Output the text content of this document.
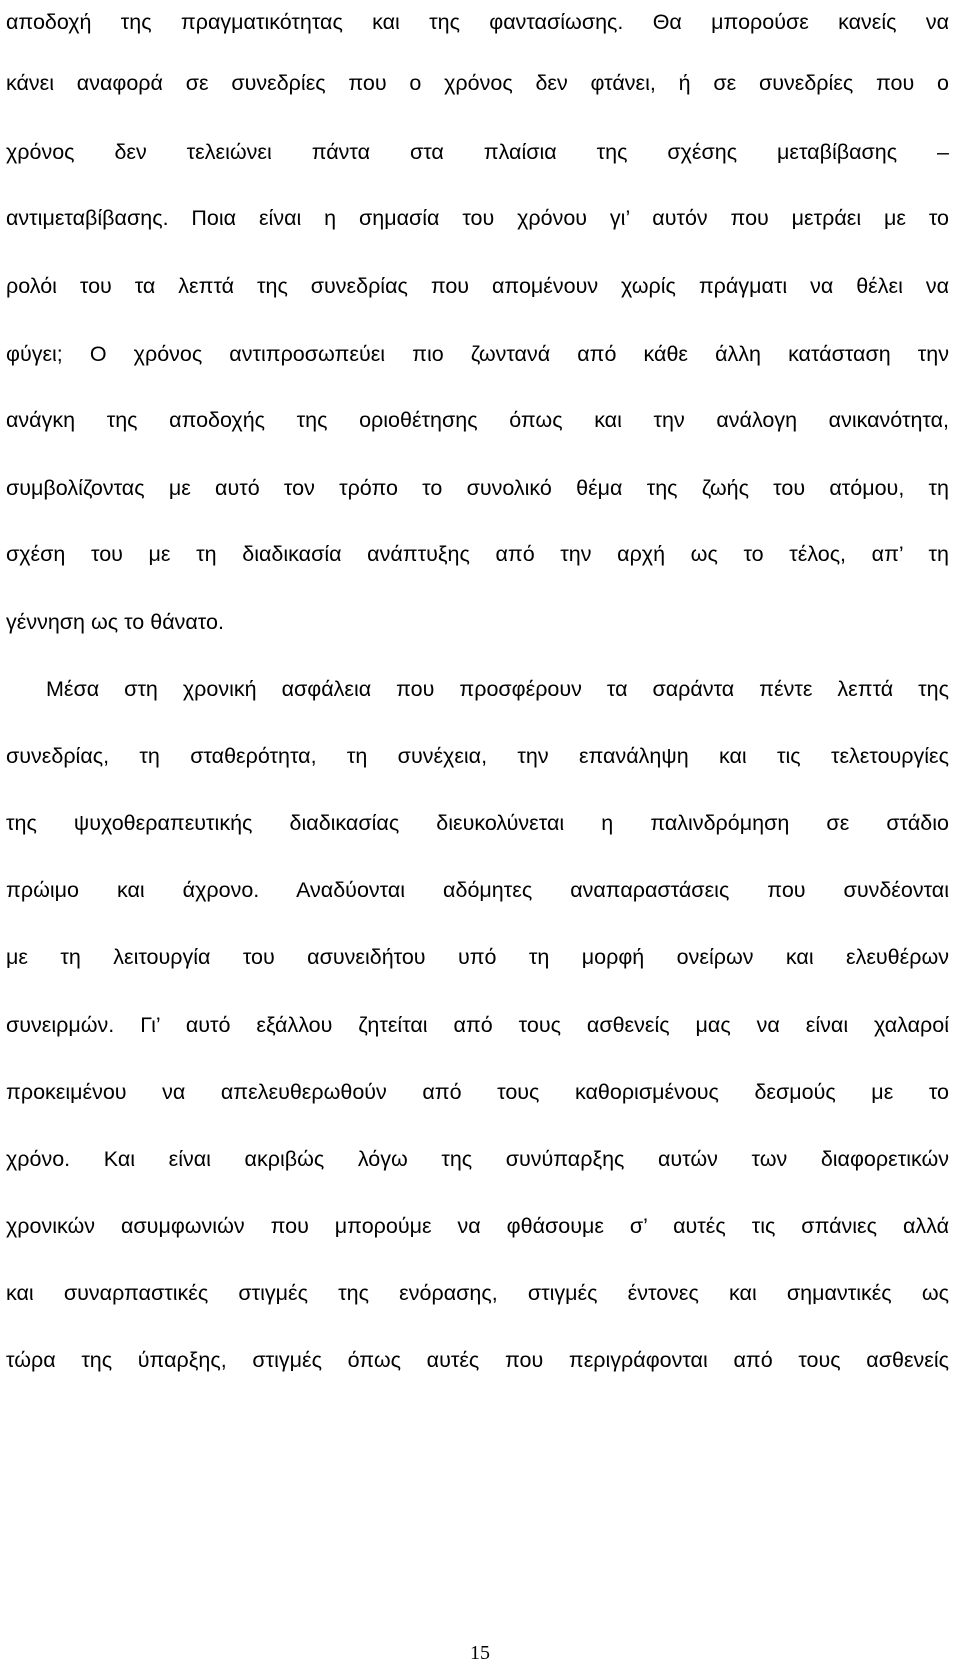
αποδοχή της πραγματικότητας και της φαντασίωσης. Θα μπορούσε κανείς να
κάνει αναφορά σε συνεδρίες που ο χρόνος δεν φτάνει, ή σε συνεδρίες που ο
χρόνος δεν τελειώνει πάντα στα πλαίσια της σχέσης μεταβίβασης –
αντιμεταβίβασης. Ποια είναι η σημασία του χρόνου γι’ αυτόν που μετράει με το
ρολόι του τα λεπτά της συνεδρίας που απομένουν χωρίς πράγματι να θέλει να
φύγει; Ο χρόνος αντιπροσωπεύει πιο ζωντανά από κάθε άλλη κατάσταση την
ανάγκη της αποδοχής της οριοθέτησης όπως και την ανάλογη ανικανότητα,
συμβολίζοντας με αυτό τον τρόπο το συνολικό θέμα της ζωής του ατόμου, τη
σχέση του με τη διαδικασία ανάπτυξης από την αρχή ως το τέλος, απ’ τη
γέννηση ως το θάνατο.
Μέσα στη χρονική ασφάλεια που προσφέρουν τα σαράντα πέντε λεπτά της
συνεδρίας, τη σταθερότητα, τη συνέχεια, την επανάληψη και τις τελετουργίες
της ψυχοθεραπευτικής διαδικασίας διευκολύνεται η παλινδρόμηση σε στάδιο
πρώιμο και άχρονο. Αναδύονται αδόμητες αναπαραστάσεις που συνδέονται
με τη λειτουργία του ασυνειδήτου υπό τη μορφή ονείρων και ελευθέρων
συνειρμών. Γι’ αυτό εξάλλου ζητείται από τους ασθενείς μας να είναι χαλαροί
προκειμένου να απελευθερωθούν από τους καθορισμένους δεσμούς με το
χρόνο. Και είναι ακριβώς λόγω της συνύπαρξης αυτών των διαφορετικών
χρονικών ασυμφωνιών που μπορούμε να φθάσουμε σ’ αυτές τις σπάνιες αλλά
και συναρπαστικές στιγμές της ενόρασης, στιγμές έντονες και σημαντικές ως
τώρα της ύπαρξης, στιγμές όπως αυτές που περιγράφονται από τους ασθενείς
15
